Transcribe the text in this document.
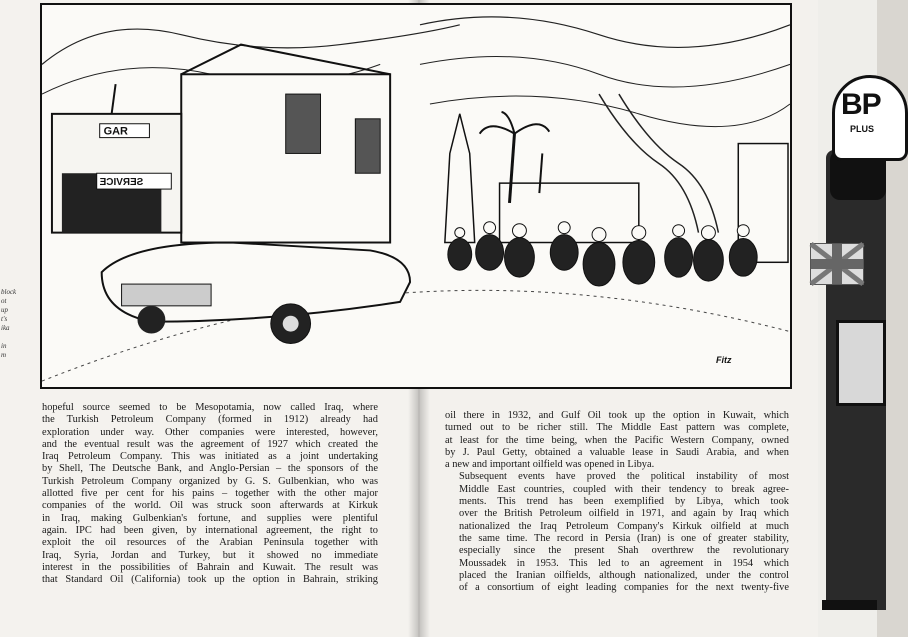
BP
PLUS
GAR
ƎƆIVЯƎƧ
Fitz
block
ot
up
t's
ika

in
m
hopeful source seemed to be Mesopotamia, now called Iraq, where
the Turkish Petroleum Company (formed in 1912) already had
exploration under way. Other companies were interested, however,
and the eventual result was the agreement of 1927 which created the
Iraq Petroleum Company. This was initiated as a joint undertaking
by Shell, The Deutsche Bank, and Anglo-Persian – the sponsors of the
Turkish Petroleum Company organized by G. S. Gulbenkian, who was
allotted five per cent for his pains – together with the other major
companies of the world. Oil was struck soon afterwards at Kirkuk
in Iraq, making Gulbenkian's fortune, and supplies were plentiful
again. IPC had been given, by international agreement, the right to
exploit the oil resources of the Arabian Peninsula together with
Iraq, Syria, Jordan and Turkey, but it showed no immediate
interest in the possibilities of Bahrain and Kuwait. The result was
that Standard Oil (California) took up the option in Bahrain, striking

oil there in 1932, and Gulf Oil took up the option in Kuwait, which
turned out to be richer still. The Middle East pattern was complete,
at least for the time being, when the Pacific Western Company, owned
by J. Paul Getty, obtained a valuable lease in Saudi Arabia, and when
a new and important oilfield was opened in Libya.

Subsequent events have proved the political instability of most
Middle East countries, coupled with their tendency to break agree-
ments. This trend has been exemplified by Libya, which took
over the British Petroleum oilfield in 1971, and again by Iraq which
nationalized the Iraq Petroleum Company's Kirkuk oilfield at much
the same time. The record in Persia (Iran) is one of greater stability,
especially since the present Shah overthrew the revolutionary
Moussadek in 1953. This led to an agreement in 1954 which
placed the Iranian oilfields, although nationalized, under the control
of a consortium of eight leading companies for the next twenty-five
